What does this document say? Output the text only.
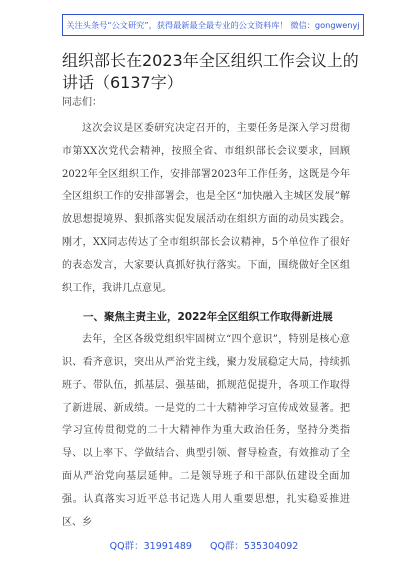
关注头条号“公文研究”，获得最新最全最专业的公文资料库！ 微信：gongwenyj
组织部长在2023年全区组织工作会议上的讲话（6137字）
同志们：

这次会议是区委研究决定召开的，主要任务是深入学习贯彻市第XX次党代会精神，按照全省、市组织部长会议要求，回顾2022年全区组织工作，安排部署2023年工作任务，这既是今年全区组织工作的安排部署会，也是全区“加快融入主城区发展”解放思想提境界、狠抓落实促发展活动在组织方面的动员实践会。刚才，XX同志传达了全市组织部长会议精神，5个单位作了很好的表态发言，大家要认真抓好执行落实。下面，围绕做好全区组织工作，我讲几点意见。

一、聚焦主责主业，2022年全区组织工作取得新进展

去年，全区各级党组织牢固树立“四个意识”，特别是核心意识、看齐意识，突出从严治党主线，聚力发展稳定大局，持续抓班子、带队伍，抓基层、强基础，抓规范促提升，各项工作取得了新进展、新成绩。一是党的二十大精神学习宣传成效显著。把学习宣传贯彻党的二十大精神作为重大政治任务，坚持分类指导、以上率下、学做结合、典型引领、督导检查，有效推动了全面从严治党向基层延伸。二是领导班子和干部队伍建设全面加强。认真落实习近平总书记选人用人重要思想，扎实稳妥推进区、乡

QQ群：31991489 QQ群：535304092
